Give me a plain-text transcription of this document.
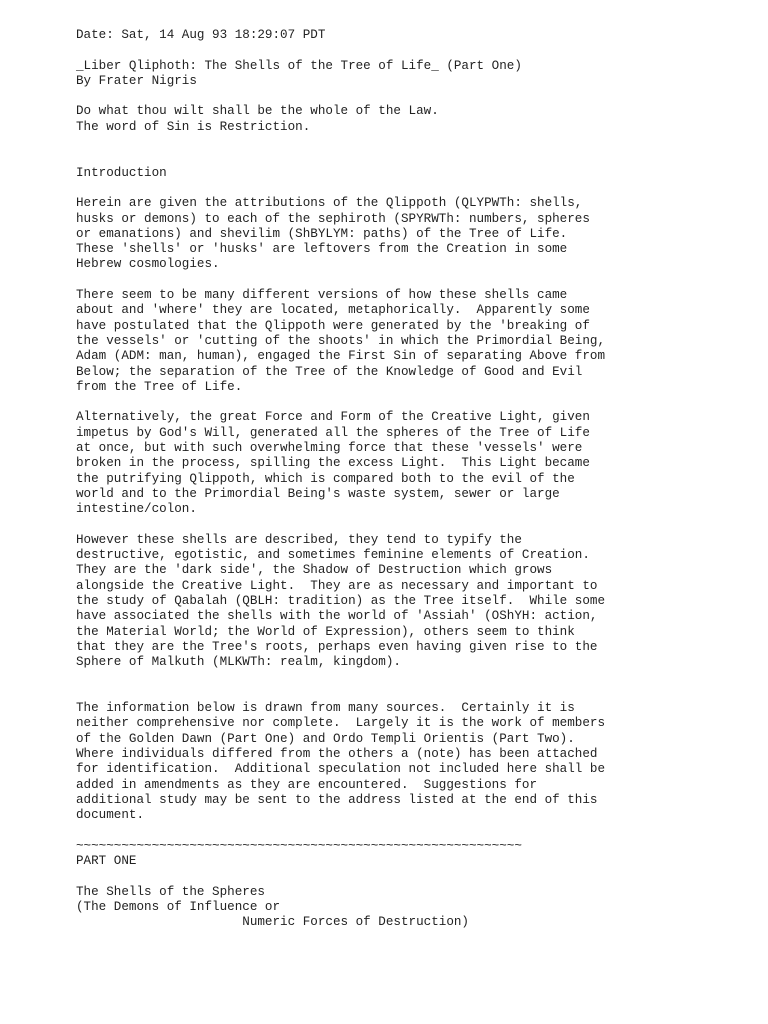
Date: Sat, 14 Aug 93 18:29:07 PDT
_Liber Qliphoth: The Shells of the Tree of Life_ (Part One)
By Frater Nigris
Do what thou wilt shall be the whole of the Law.
The word of Sin is Restriction.
Introduction
Herein are given the attributions of the Qlippoth (QLYPWTh: shells,
husks or demons) to each of the sephiroth (SPYRWTh: numbers, spheres
or emanations) and shevilim (ShBYLYM: paths) of the Tree of Life.
These 'shells' or 'husks' are leftovers from the Creation in some
Hebrew cosmologies.
There seem to be many different versions of how these shells came
about and 'where' they are located, metaphorically.  Apparently some
have postulated that the Qlippoth were generated by the 'breaking of
the vessels' or 'cutting of the shoots' in which the Primordial Being,
Adam (ADM: man, human), engaged the First Sin of separating Above from
Below; the separation of the Tree of the Knowledge of Good and Evil
from the Tree of Life.
Alternatively, the great Force and Form of the Creative Light, given
impetus by God's Will, generated all the spheres of the Tree of Life
at once, but with such overwhelming force that these 'vessels' were
broken in the process, spilling the excess Light.  This Light became
the putrifying Qlippoth, which is compared both to the evil of the
world and to the Primordial Being's waste system, sewer or large
intestine/colon.
However these shells are described, they tend to typify the
destructive, egotistic, and sometimes feminine elements of Creation.
They are the 'dark side', the Shadow of Destruction which grows
alongside the Creative Light.  They are as necessary and important to
the study of Qabalah (QBLH: tradition) as the Tree itself.  While some
have associated the shells with the world of 'Assiah' (OShYH: action,
the Material World; the World of Expression), others seem to think
that they are the Tree's roots, perhaps even having given rise to the
Sphere of Malkuth (MLKWTh: realm, kingdom).
The information below is drawn from many sources.  Certainly it is
neither comprehensive nor complete.  Largely it is the work of members
of the Golden Dawn (Part One) and Ordo Templi Orientis (Part Two).
Where individuals differed from the others a (note) has been attached
for identification.  Additional speculation not included here shall be
added in amendments as they are encountered.  Suggestions for
additional study may be sent to the address listed at the end of this
document.
~~~~~~~~~~~~~~~~~~~~~~~~~~~~~~~~~~~~~~~~~~~~~~~~~~~~~~~~~~~
PART ONE
The Shells of the Spheres
(The Demons of Influence or
Numeric Forces of Destruction)
